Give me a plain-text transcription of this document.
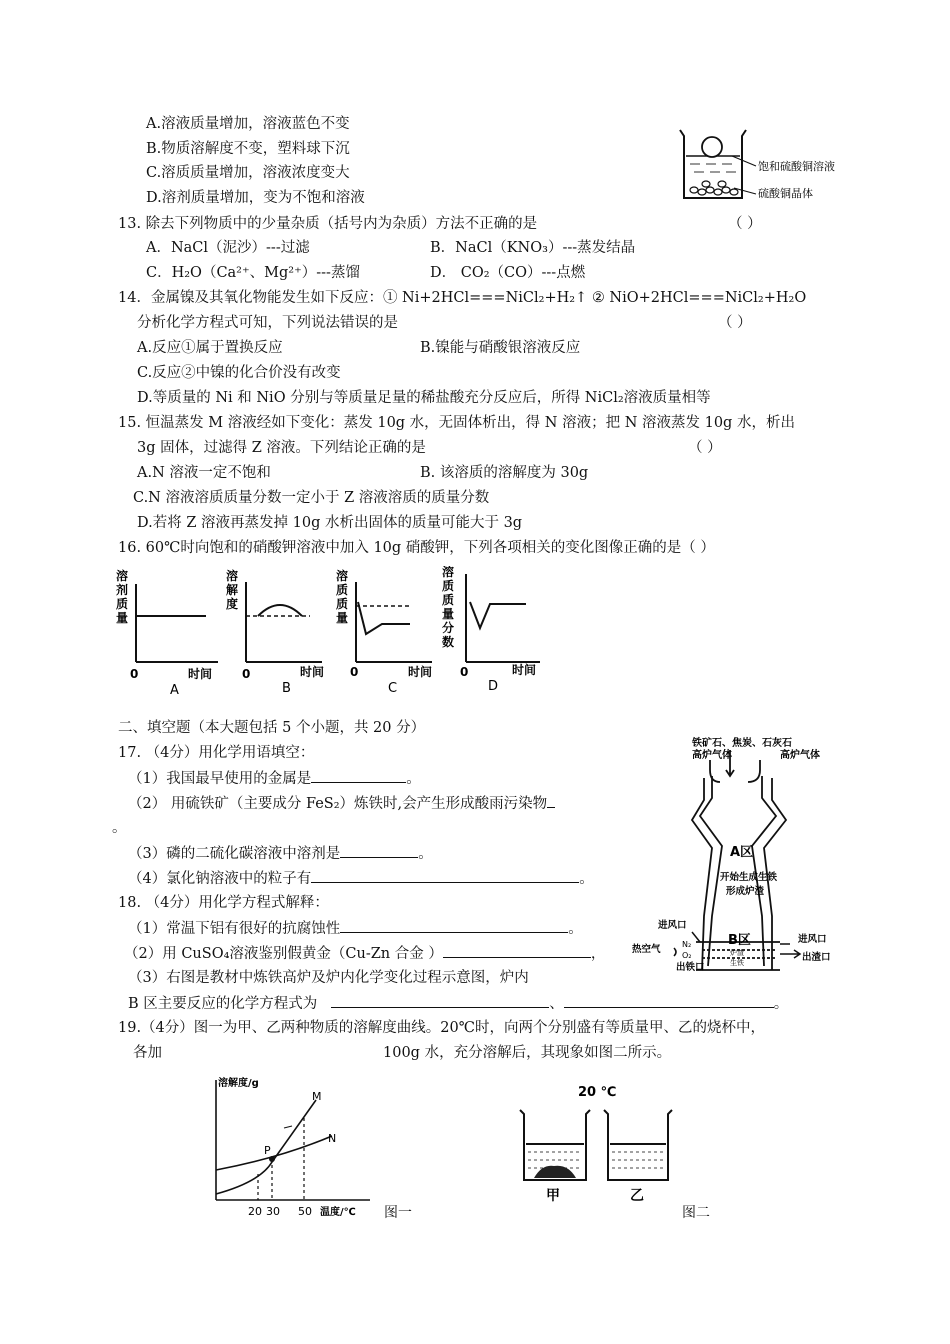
A.溶液质量增加，溶液蓝色不变
B.物质溶解度不变，塑料球下沉
C.溶质质量增加，溶液浓度变大
D.溶剂质量增加，变为不饱和溶液
饱和硫酸铜溶液
硫酸铜晶体
13. 除去下列物质中的少量杂质（括号内为杂质）方法不正确的是	（ ）
A．NaCl（泥沙）---过滤	B．NaCl（KNO₃）---蒸发结晶
C．H₂O（Ca²⁺、Mg²⁺）---蒸馏	D． CO₂（CO）---点燃
14．金属镍及其氧化物能发生如下反应：① Ni+2HCl===NiCl₂+H₂↑ ② NiO+2HCl===NiCl₂+H₂O
分析化学方程式可知，下列说法错误的是	（ ）
A.反应①属于置换反应	B.镍能与硝酸银溶液反应
C.反应②中镍的化合价没有改变
D.等质量的 Ni 和 NiO 分别与等质量足量的稀盐酸充分反应后，所得 NiCl₂溶液质量相等
15. 恒温蒸发 M 溶液经如下变化：蒸发 10g 水，无固体析出，得 N 溶液；把 N 溶液蒸发 10g 水，析出
3g 固体，过滤得 Z 溶液。下列结论正确的是	（ ）
A.N 溶液一定不饱和	B. 该溶质的溶解度为 30g
C.N 溶液溶质质量分数一定小于 Z 溶液溶质的质量分数
D.若将 Z 溶液再蒸发掉 10g 水析出固体的质量可能大于 3g
16. 60℃时向饱和的硝酸钾溶液中加入 10g 硝酸钾，下列各项相关的变化图像正确的是（ ）
溶剂质量
溶解度
溶质质量
溶质质量分数
0	时间 0	时间 0	时间 0	时间
A	B	C	D
二、填空题（本大题包括 5 个小题，共 20 分）
17. （4分）用化学用语填空：
（1）我国最早使用的金属是	。
（2） 用硫铁矿（主要成分 FeS₂）炼铁时,会产生形成酸雨污染物
。
（3）磷的二硫化碳溶液中溶剂是	。
（4）氯化钠溶液中的粒子有	。
18. （4分）用化学方程式解释：
（1）常温下铝有很好的抗腐蚀性	。
（2）用 CuSO₄溶液鉴别假黄金（Cu-Zn 合金 ）	，
（3）右图是教材中炼铁高炉及炉内化学变化过程示意图，炉内
B 区主要反应的化学方程式为	、	。
铁矿石、焦炭、石灰石
高炉气体	高炉气体
A区
开始生成生铁
形成炉渣
B区
进风口
进风口
热空气	N₂
O₂
出铁口
出渣口
炉渣
生铁
19.（4分）图一为甲、乙两种物质的溶解度曲线。20℃时，向两个分别盛有等质量甲、乙的烧杯中，
各加	100g 水，充分溶解后，其现象如图二所示。
溶解度/g
M
N
P
20 30 50 温度/℃ 图一
20 ℃
甲	乙
图二
